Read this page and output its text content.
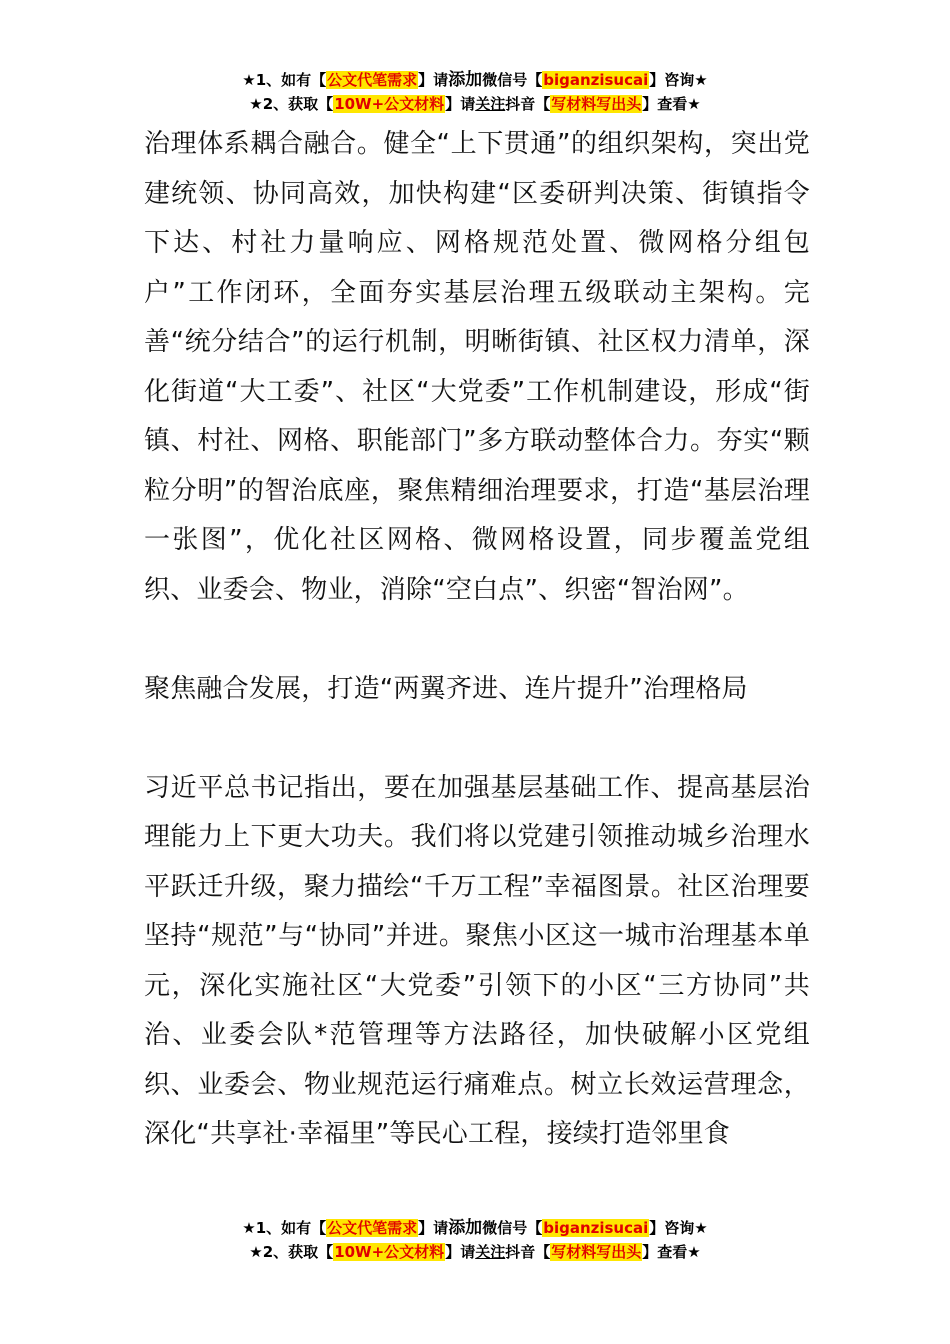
★1、如有【公文代笔需求】请添加微信号【biganzisucai】咨询★
★2、获取【10W+公文材料】请关注抖音【写材料写出头】查看★

治理体系耦合融合。健全“上下贯通”的组织架构，突出党建统领、协同高效，加快构建“区委研判决策、街镇指令下达、村社力量响应、网格规范处置、微网格分组包户”工作闭环，全面夯实基层治理五级联动主架构。完善“统分结合”的运行机制，明晰街镇、社区权力清单，深化街道“大工委”、社区“大党委”工作机制建设，形成“街镇、村社、网格、职能部门”多方联动整体合力。夯实“颗粒分明”的智治底座，聚焦精细治理要求，打造“基层治理一张图”，优化社区网格、微网格设置，同步覆盖党组织、业委会、物业，消除“空白点”、织密“智治网”。

聚焦融合发展，打造“两翼齐进、连片提升”治理格局

习近平总书记指出，要在加强基层基础工作、提高基层治理能力上下更大功夫。我们将以党建引领推动城乡治理水平跃迁升级，聚力描绘“千万工程”幸福图景。社区治理要坚持“规范”与“协同”并进。聚焦小区这一城市治理基本单元，深化实施社区“大党委”引领下的小区“三方协同”共治、业委会队*范管理等方法路径，加快破解小区党组织、业委会、物业规范运行痛难点。树立长效运营理念，深化“共享社·幸福里”等民心工程，接续打造邻里食

★1、如有【公文代笔需求】请添加微信号【biganzisucai】咨询★
★2、获取【10W+公文材料】请关注抖音【写材料写出头】查看★
